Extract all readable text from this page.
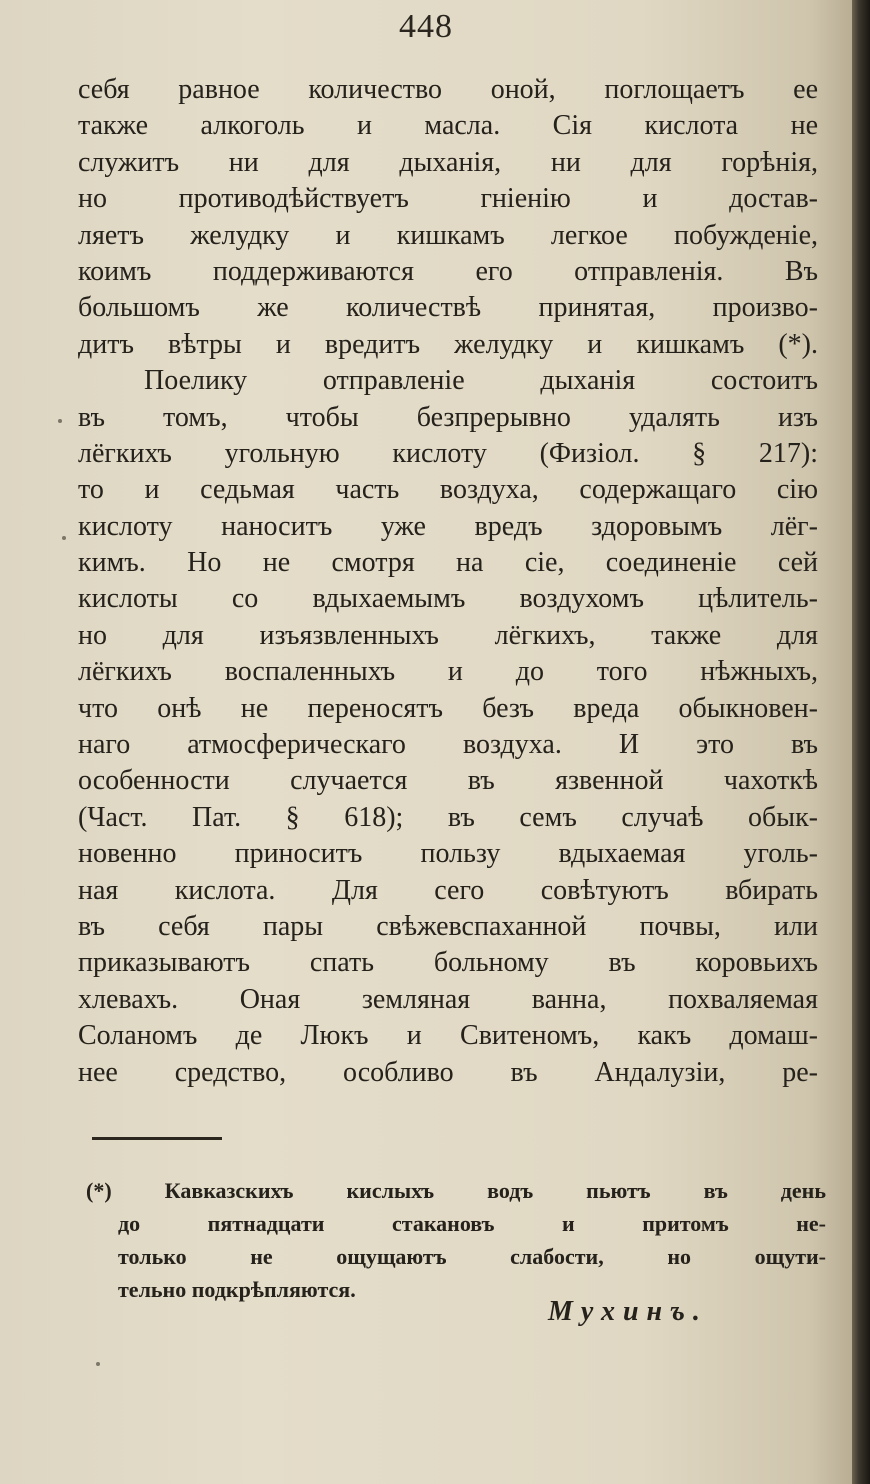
448
себя равное количество оной, поглощаетъ ее
также алкоголь и масла. Сія кислота не
служитъ ни для дыханія, ни для горѣнія,
но противодѣйствуетъ гніенію и достав-
ляетъ желудку и кишкамъ легкое побужденіе,
коимъ поддерживаются его отправленія. Въ
большомъ же количествѣ принятая, произво-
дитъ вѣтры и вредитъ желудку и кишкамъ (*).
Поелику отправленіе дыханія состоитъ
въ томъ, чтобы безпрерывно удалять изъ
лёгкихъ угольную кислоту (Физіол. § 217):
то и седьмая часть воздуха, содержащаго сію
кислоту наноситъ уже вредъ здоровымъ лёг-
кимъ. Но не смотря на сіе, соединеніе сей
кислоты со вдыхаемымъ воздухомъ цѣлитель-
но для изъязвленныхъ лёгкихъ, также для
лёгкихъ воспаленныхъ и до того нѣжныхъ,
что онѣ не переносятъ безъ вреда обыкновен-
наго атмосферическаго воздуха. И это въ
особенности случается въ язвенной чахоткѣ
(Част. Пат. § 618); въ семъ случаѣ обык-
новенно приноситъ пользу вдыхаемая уголь-
ная кислота. Для сего совѣтуютъ вбирать
въ себя пары свѣжевспаханной почвы, или
приказываютъ спать больному въ коровьихъ
хлевахъ. Оная земляная ванна, похваляемая
Соланомъ де Люкъ и Свитеномъ, какъ домаш-
нее средство, особливо въ Андалузіи, ре-
(*) Кавказскихъ кислыхъ водъ пьютъ въ день
до пятнадцати стакановъ и притомъ не-
только не ощущаютъ слабости, но ощути-
тельно подкрѣпляются.
Мухинъ.
